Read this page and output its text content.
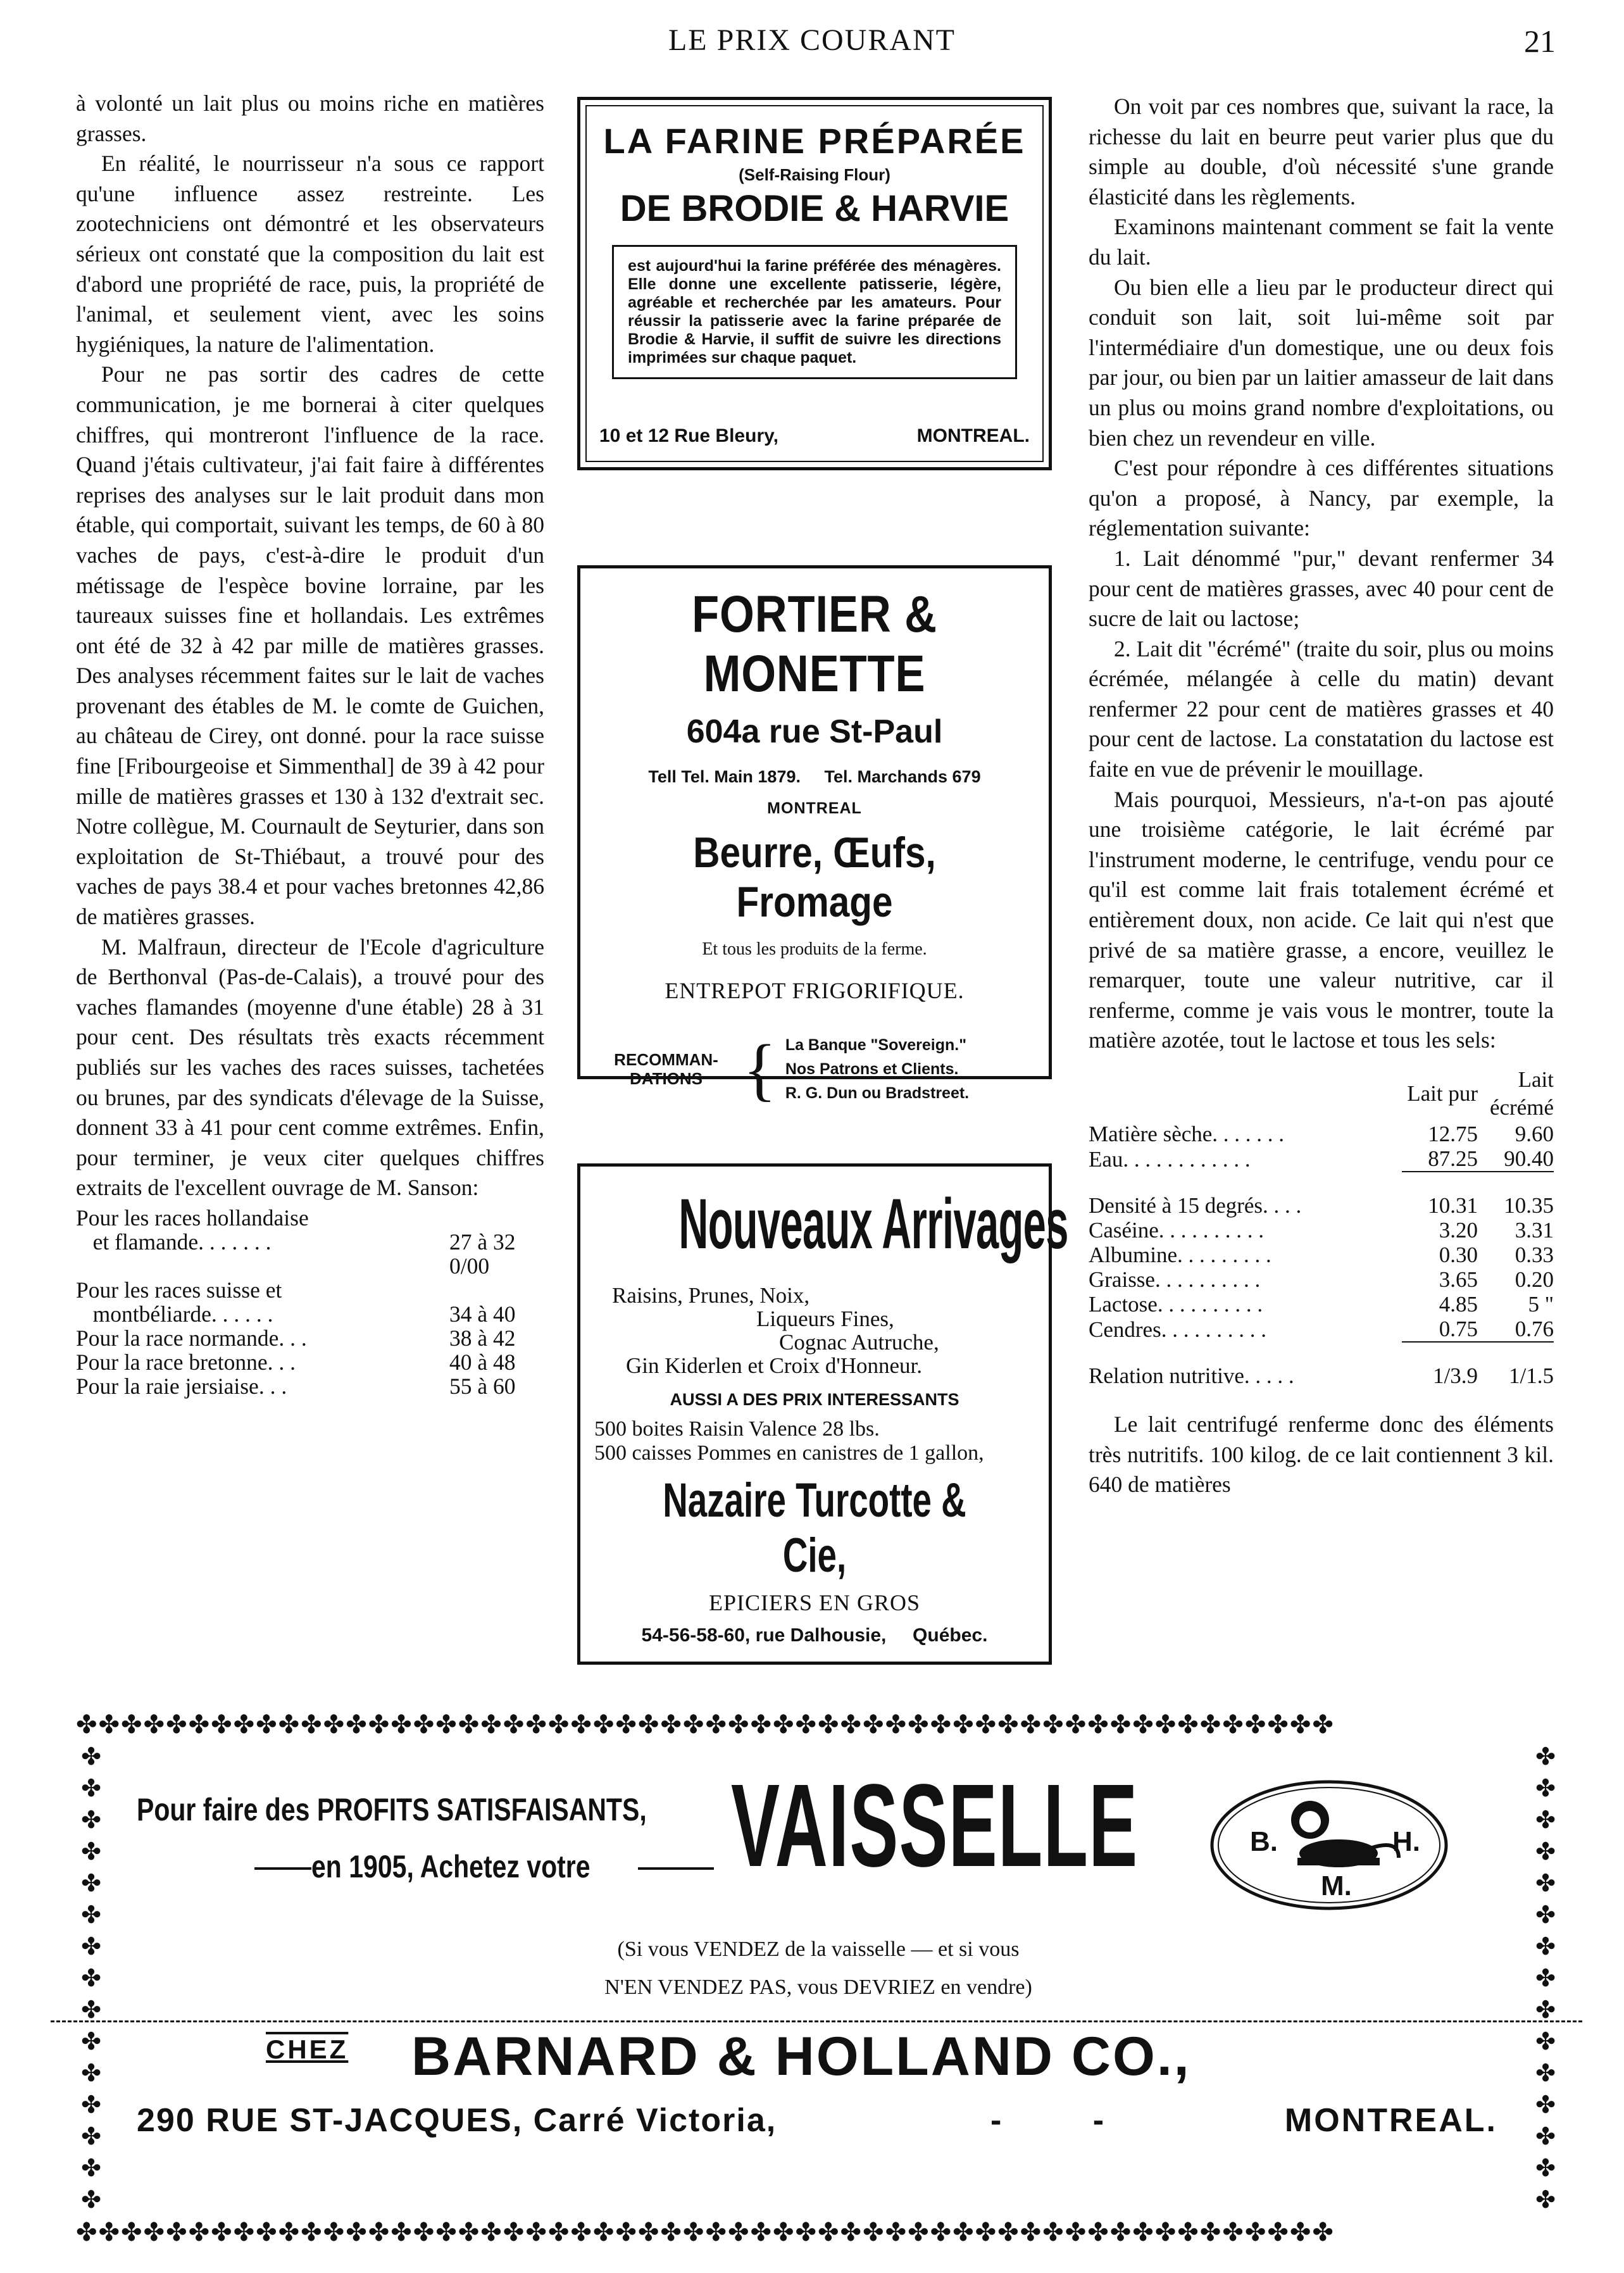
LE PRIX COURANT	21

à volonté un lait plus ou moins riche en matières grasses.

En réalité, le nourrisseur n'a sous ce rapport qu'une influence assez restreinte. Les zootechniciens ont démontré et les observateurs sérieux ont constaté que la composition du lait est d'abord une propriété de race, puis, la propriété de l'animal, et seulement vient, avec les soins hygiéniques, la nature de l'alimentation.

Pour ne pas sortir des cadres de cette communication, je me bornerai à citer quelques chiffres, qui montreront l'influence de la race. Quand j'étais cultivateur, j'ai fait faire à différentes reprises des analyses sur le lait produit dans mon étable, qui comportait, suivant les temps, de 60 à 80 vaches de pays, c'est-à-dire le produit d'un métissage de l'espèce bovine lorraine, par les taureaux suisses fine et hollandais. Les extrêmes ont été de 32 à 42 par mille de matières grasses. Des analyses récemment faites sur le lait de vaches provenant des étables de M. le comte de Guichen, au château de Cirey, ont donné. pour la race suisse fine [Fribourgeoise et Simmenthal] de 39 à 42 pour mille de matières grasses et 130 à 132 d'extrait sec. Notre collègue, M. Cournault de Seyturier, dans son exploitation de St-Thiébaut, a trouvé pour des vaches de pays 38.4 et pour vaches bretonnes 42,86 de matières grasses.

M. Malfraun, directeur de l'Ecole d'agriculture de Berthonval (Pas-de-Calais), a trouvé pour des vaches flamandes (moyenne d'une étable) 28 à 31 pour cent. Des résultats très exacts récemment publiés sur les vaches des races suisses, tachetées ou brunes, par des syndicats d'élevage de la Suisse, donnent 33 à 41 pour cent comme extrêmes. Enfin, pour terminer, je veux citer quelques chiffres extraits de l'excellent ouvrage de M. Sanson:

Pour les races hollandaise
et flamande. . . . . . .	27 à 32 0/00
Pour les races suisse et
montbéliarde. . . . . .	34 à 40
Pour la race normande. . .	38 à 42
Pour la race bretonne. . .	40 à 48
Pour la raie jersiaise. . .	55 à 60
LA FARINE PRÉPARÉE
(Self-Raising Flour)
DE BRODIE & HARVIE
est aujourd'hui la farine préférée des ménagères. Elle donne une excellente patisserie, légère, agréable et recherchée par les amateurs. Pour réussir la patisserie avec la farine préparée de Brodie & Harvie, il suffit de suivre les directions imprimées sur chaque paquet.
10 et 12 Rue Bleury,	MONTREAL.
FORTIER & MONETTE
604a rue St-Paul
Tell Tel. Main 1879.     Tel. Marchands 679
MONTREAL
Beurre, Œufs, Fromage
Et tous les produits de la ferme.
ENTREPOT FRIGORIFIQUE.
RECOMMAN-
DATIONS { La Banque "Sovereign."
Nos Patrons et Clients.
R. G. Dun ou Bradstreet.
Nouveaux Arrivages
Raisins, Prunes, Noix,
Liqueurs Fines,
Cognac Autruche,
Gin Kiderlen et Croix d'Honneur.
AUSSI A DES PRIX INTERESSANTS
500 boites Raisin Valence 28 lbs.
500 caisses Pommes en canistres de 1 gallon,
Nazaire Turcotte & Cie,
EPICIERS EN GROS
54-56-58-60, rue Dalhousie,     Québec.

On voit par ces nombres que, suivant la race, la richesse du lait en beurre peut varier plus que du simple au double, d'où nécessité s'une grande élasticité dans les règlements.

Examinons maintenant comment se fait la vente du lait.

Ou bien elle a lieu par le producteur direct qui conduit son lait, soit lui-même soit par l'intermédiaire d'un domestique, une ou deux fois par jour, ou bien par un laitier amasseur de lait dans un plus ou moins grand nombre d'exploitations, ou bien chez un revendeur en ville.

C'est pour répondre à ces différentes situations qu'on a proposé, à Nancy, par exemple, la réglementation suivante:

1. Lait dénommé "pur," devant renfermer 34 pour cent de matières grasses, avec 40 pour cent de sucre de lait ou lactose;

2. Lait dit "écrémé" (traite du soir, plus ou moins écrémée, mélangée à celle du matin) devant renfermer 22 pour cent de matières grasses et 40 pour cent de lactose. La constatation du lactose est faite en vue de prévenir le mouillage.

Mais pourquoi, Messieurs, n'a-t-on pas ajouté une troisième catégorie, le lait écrémé par l'instrument moderne, le centrifuge, vendu pour ce qu'il est comme lait frais totalement écrémé et entièrement doux, non acide. Ce lait qui n'est que privé de sa matière grasse, a encore, veuillez le remarquer, toute une valeur nutritive, car il renferme, comme je vais vous le montrer, toute la matière azotée, tout le lactose et tous les sels:

	Lait pur	Lait écrémé
Matière sèche. . . . . . .	12.75	9.60
Eau. . . . . . . . . . . .	87.25	90.40

Densité à 15 degrés. . . .	10.31	10.35
Caséine. . . . . . . . . .	3.20	3.31
Albumine. . . . . . . . .	0.30	0.33
Graisse. . . . . . . . . .	3.65	0.20
Lactose. . . . . . . . . .	4.85	5 "
Cendres. . . . . . . . . .	0.75	0.76

Relation nutritive. . . . .	1/3.9	1/1.5

Le lait centrifugé renferme donc des éléments très nutritifs. 100 kilog. de ce lait contiennent 3 kil. 640 de matières

✤✤✤✤✤✤✤✤✤✤✤✤✤✤✤✤✤✤✤✤✤✤✤✤✤✤✤✤✤✤✤✤✤✤✤✤✤✤✤✤✤✤✤✤✤✤✤✤✤✤✤✤✤✤✤✤
✤ ✤ ✤ ✤ ✤ ✤ ✤ ✤ ✤ ✤ ✤ ✤ ✤ ✤ ✤
✤ ✤ ✤ ✤ ✤ ✤ ✤ ✤ ✤ ✤ ✤ ✤ ✤ ✤ ✤
✤✤✤✤✤✤✤✤✤✤✤✤✤✤✤✤✤✤✤✤✤✤✤✤✤✤✤✤✤✤✤✤✤✤✤✤✤✤✤✤✤✤✤✤✤✤✤✤✤✤✤✤✤✤✤✤
Pour faire des PROFITS SATISFAISANTS,
en 1905, Achetez votre VAISSELLE	B.	H.
M.
(Si vous VENDEZ de la vaisselle — et si vous
N'EN VENDEZ PAS, vous DEVRIEZ en vendre)
CHEZ BARNARD & HOLLAND CO.,
290 RUE ST-JACQUES, Carré Victoria,	- -	MONTREAL.
